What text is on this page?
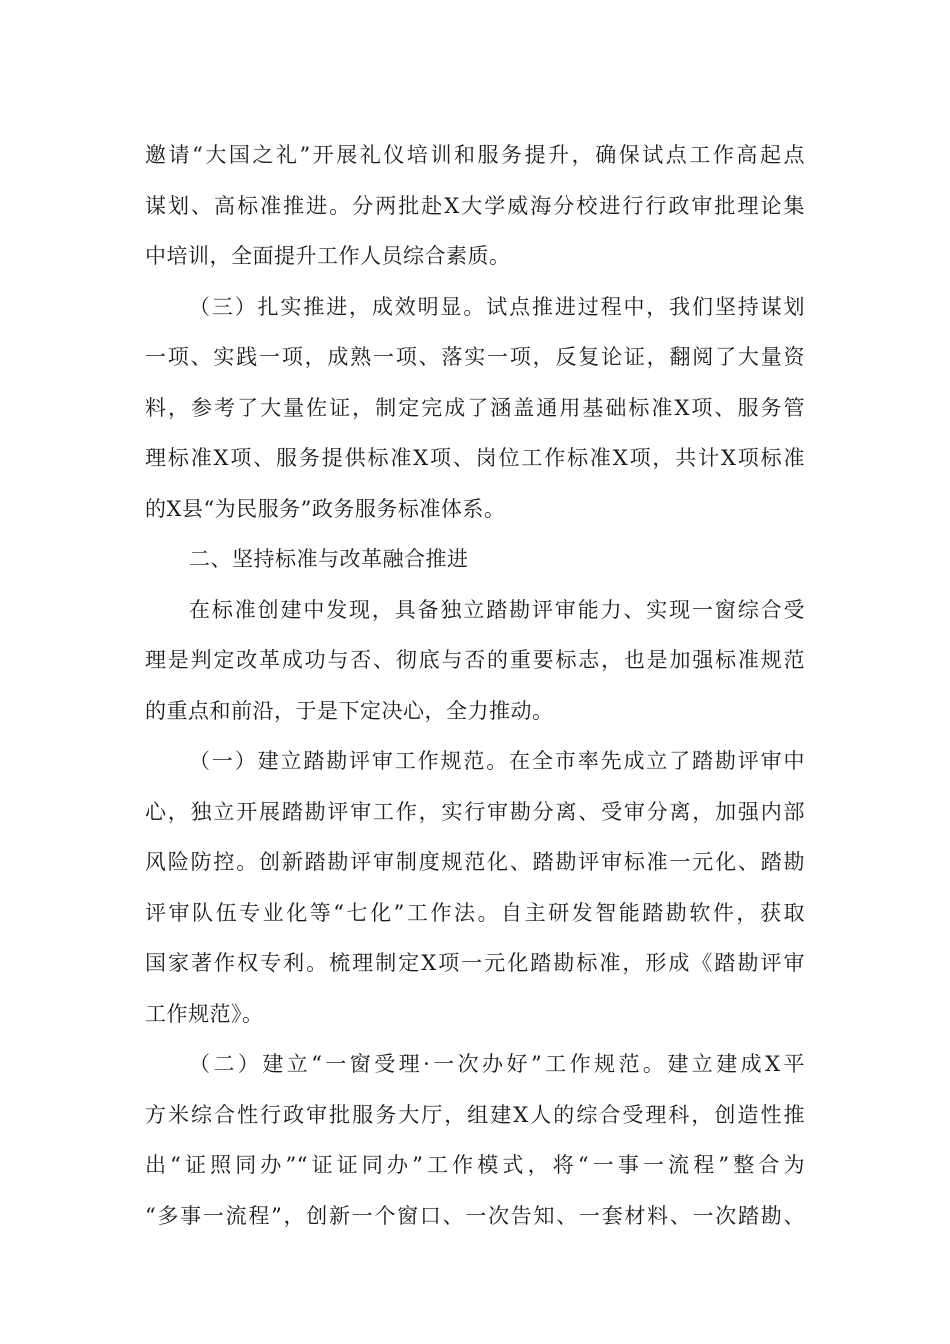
邀请“大国之礼”开展礼仪培训和服务提升，确保试点工作高起点
谋划、高标准推进。分两批赴X大学威海分校进行行政审批理论集
中培训，全面提升工作人员综合素质。
（三）扎实推进，成效明显。试点推进过程中，我们坚持谋划
一项、实践一项，成熟一项、落实一项，反复论证，翻阅了大量资
料，参考了大量佐证，制定完成了涵盖通用基础标准X项、服务管
理标准X项、服务提供标准X项、岗位工作标准X项，共计X项标准
的X县“为民服务”政务服务标准体系。
二、坚持标准与改革融合推进
在标准创建中发现，具备独立踏勘评审能力、实现一窗综合受
理是判定改革成功与否、彻底与否的重要标志，也是加强标准规范
的重点和前沿，于是下定决心，全力推动。
（一）建立踏勘评审工作规范。在全市率先成立了踏勘评审中
心，独立开展踏勘评审工作，实行审勘分离、受审分离，加强内部
风险防控。创新踏勘评审制度规范化、踏勘评审标准一元化、踏勘
评审队伍专业化等“七化”工作法。自主研发智能踏勘软件，获取
国家著作权专利。梳理制定X项一元化踏勘标准，形成《踏勘评审
工作规范》。
（二）建立“一窗受理·一次办好”工作规范。建立建成X平
方米综合性行政审批服务大厅，组建X人的综合受理科，创造性推
出“证照同办”“证证同办”工作模式，将“一事一流程”整合为
“多事一流程”，创新一个窗口、一次告知、一套材料、一次踏勘、
